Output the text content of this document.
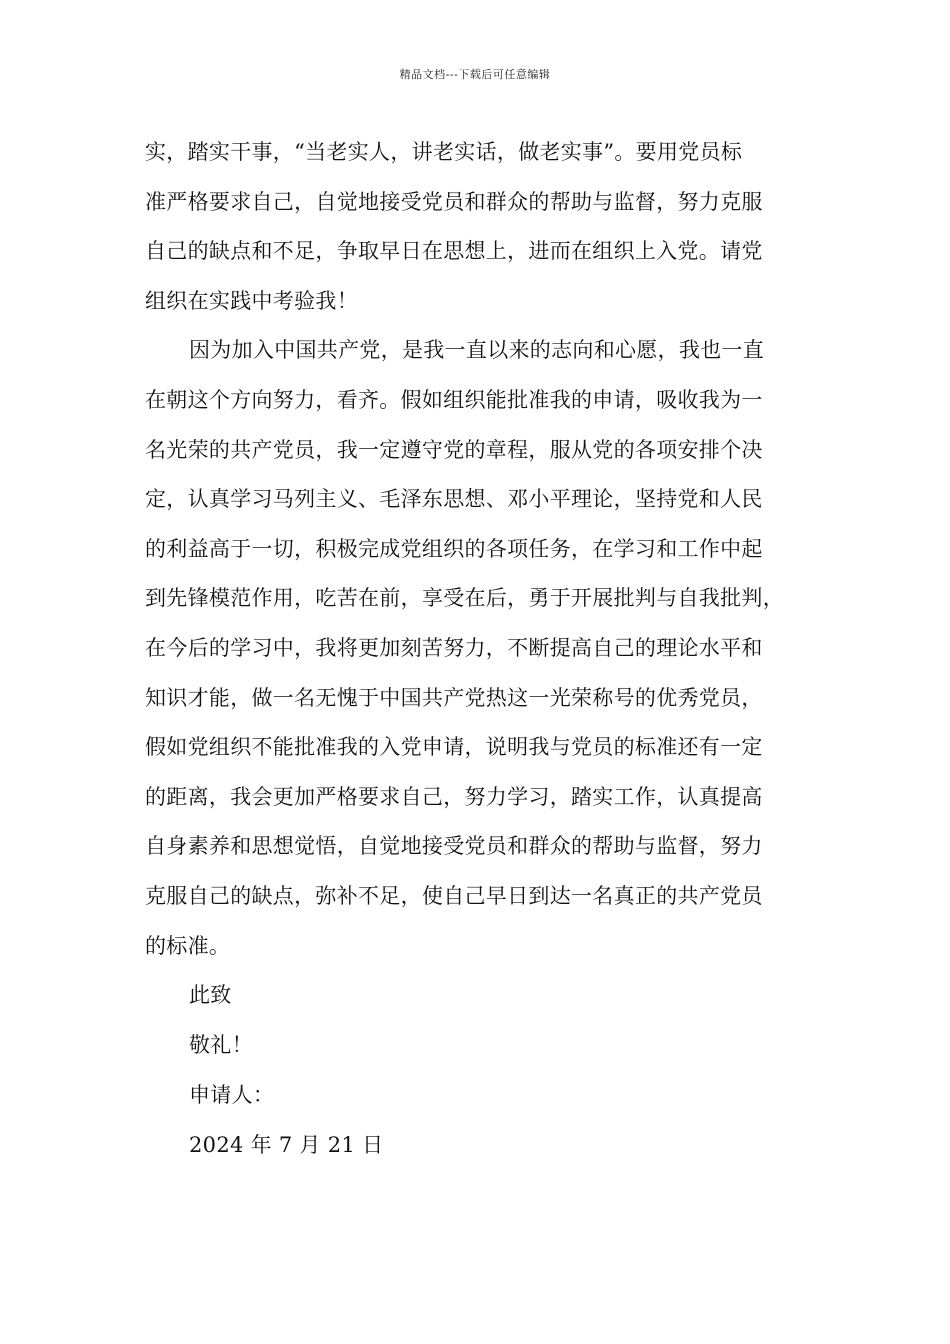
精品文档---下载后可任意编辑
实，踏实干事，“当老实人，讲老实话，做老实事”。要用党员标
准严格要求自己，自觉地接受党员和群众的帮助与监督，努力克服
自己的缺点和不足，争取早日在思想上，进而在组织上入党。请党
组织在实践中考验我！
因为加入中国共产党，是我一直以来的志向和心愿，我也一直
在朝这个方向努力，看齐。假如组织能批准我的申请，吸收我为一
名光荣的共产党员，我一定遵守党的章程，服从党的各项安排个决
定，认真学习马列主义、毛泽东思想、邓小平理论，坚持党和人民
的利益高于一切，积极完成党组织的各项任务，在学习和工作中起
到先锋模范作用，吃苦在前，享受在后，勇于开展批判与自我批判，
在今后的学习中，我将更加刻苦努力，不断提高自己的理论水平和
知识才能，做一名无愧于中国共产党热这一光荣称号的优秀党员，
假如党组织不能批准我的入党申请，说明我与党员的标准还有一定
的距离，我会更加严格要求自己，努力学习，踏实工作，认真提高
自身素养和思想觉悟，自觉地接受党员和群众的帮助与监督，努力
克服自己的缺点，弥补不足，使自己早日到达一名真正的共产党员
的标准。
此致
敬礼！
申请人：
2024 年 7 月 21 日
